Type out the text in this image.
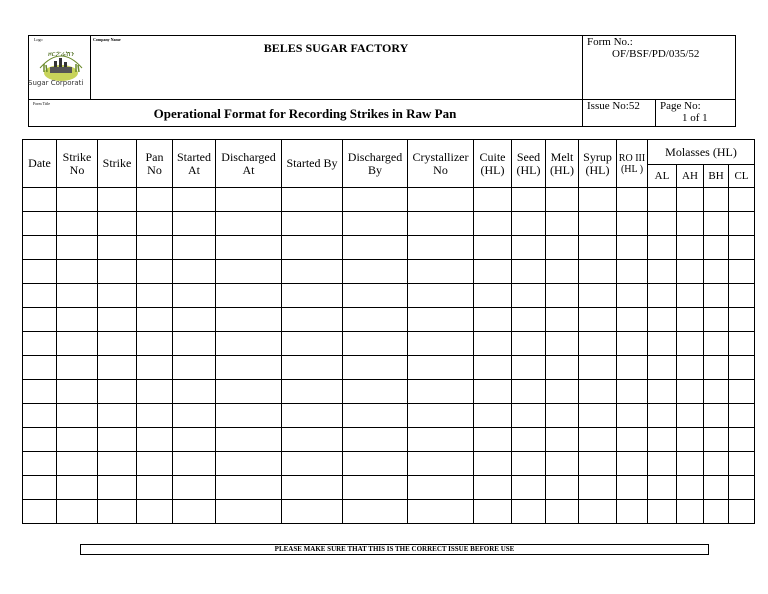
Logo
ዞርፖሬሽን
Sugar Corporati
Company Name
BELES SUGAR FACTORY	Form No.:
OF/BSF/PD/035/52
Form Title
Operational Format for Recording Strikes in Raw Pan	Issue No:52 Page No:
1 of 1
Date	Strike No	Strike	Pan No	Started At	Discharged At	Started By	Discharged By	Crystallizer No	Cuite (HL)	Seed (HL)	Melt (HL)	Syrup (HL)	RO III (HL )	Molasses (HL)			
														AL	AH	BH	CL

PLEASE MAKE SURE THAT THIS IS THE CORRECT ISSUE BEFORE USE
